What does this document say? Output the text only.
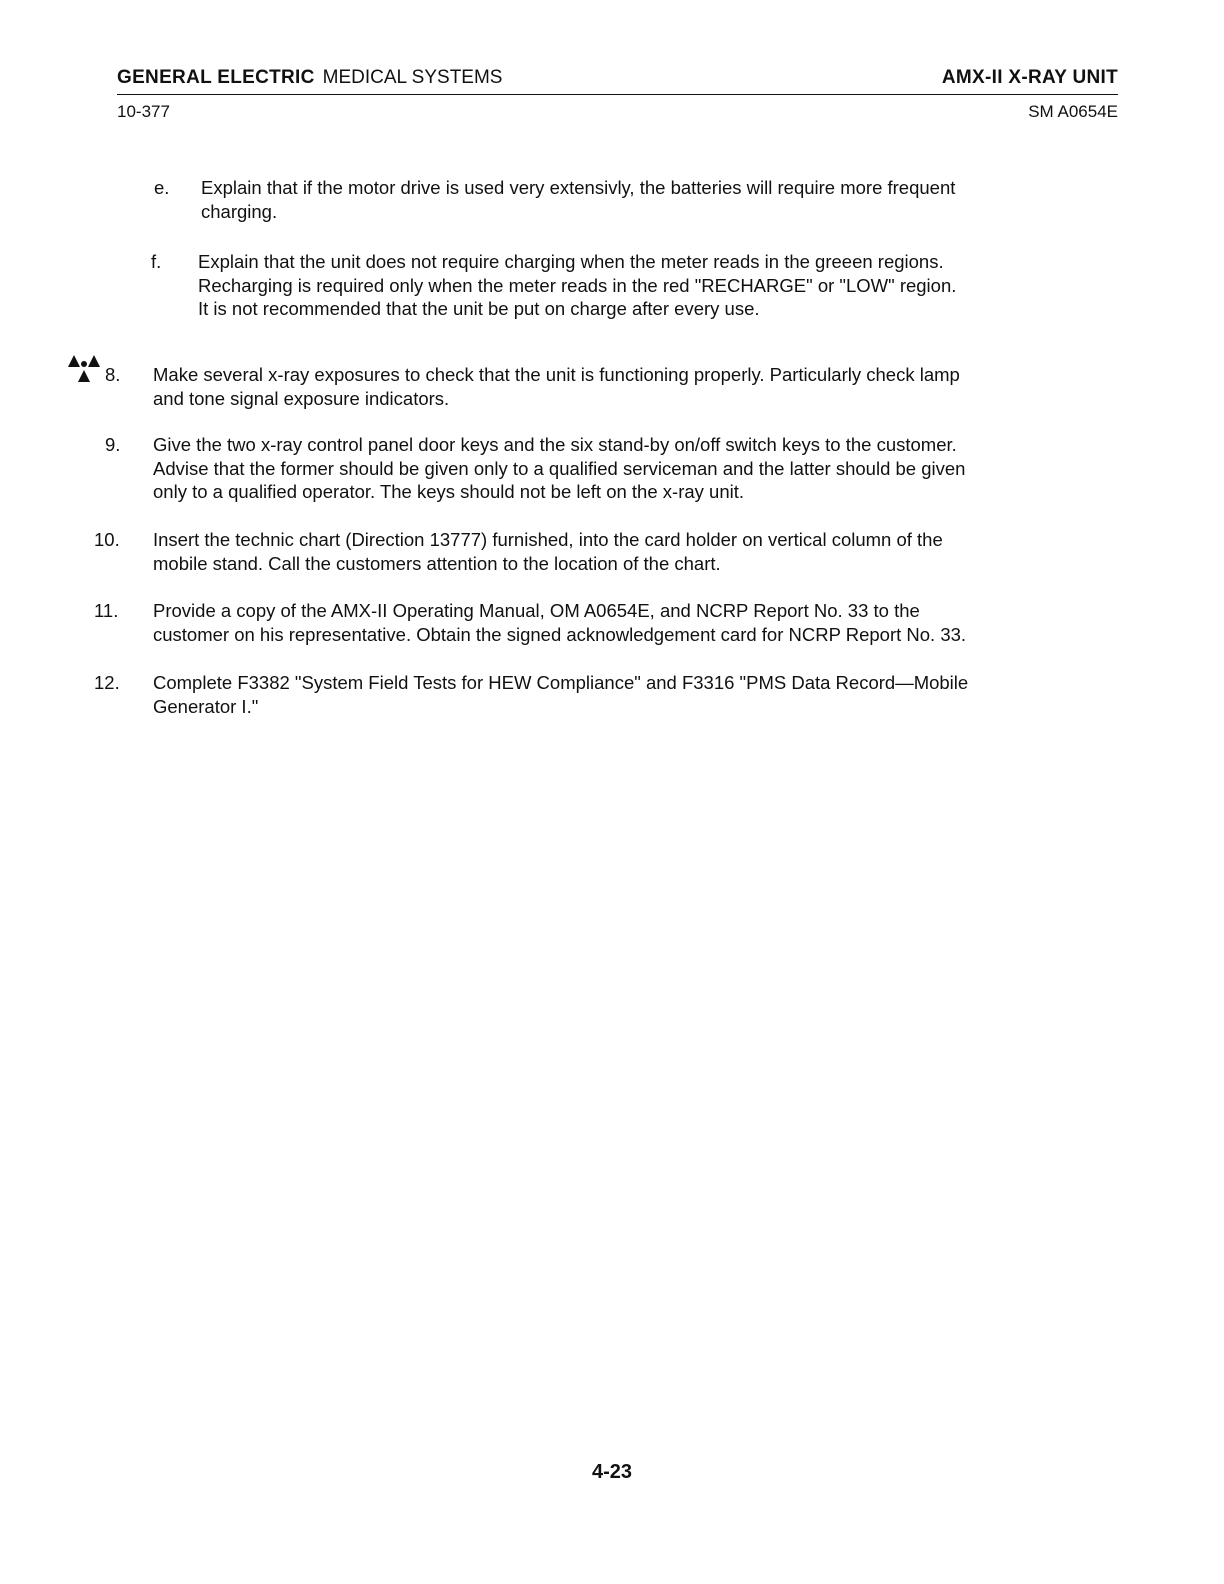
GENERAL ELECTRIC MEDICAL SYSTEMS	AMX-II X-RAY UNIT
10-377	SM A0654E
e. Explain that if the motor drive is used very extensivly, the batteries will require more frequent

charging.

f. Explain that the unit does not require charging when the meter reads in the greeen regions.

Recharging is required only when the meter reads in the red "RECHARGE" or "LOW" region.

It is not recommended that the unit be put on charge after every use.

8. Make several x-ray exposures to check that the unit is functioning properly. Particularly check lamp

and tone signal exposure indicators.

9. Give the two x-ray control panel door keys and the six stand-by on/off switch keys to the customer.

Advise that the former should be given only to a qualified serviceman and the latter should be given

only to a qualified operator. The keys should not be left on the x-ray unit.

10. Insert the technic chart (Direction 13777) furnished, into the card holder on vertical column of the

mobile stand. Call the customers attention to the location of the chart.

11. Provide a copy of the AMX-II Operating Manual, OM A0654E, and NCRP Report No. 33 to the

customer on his representative. Obtain the signed acknowledgement card for NCRP Report No. 33.

12. Complete F3382 "System Field Tests for HEW Compliance" and F3316 "PMS Data Record—Mobile

Generator I."

4-23
